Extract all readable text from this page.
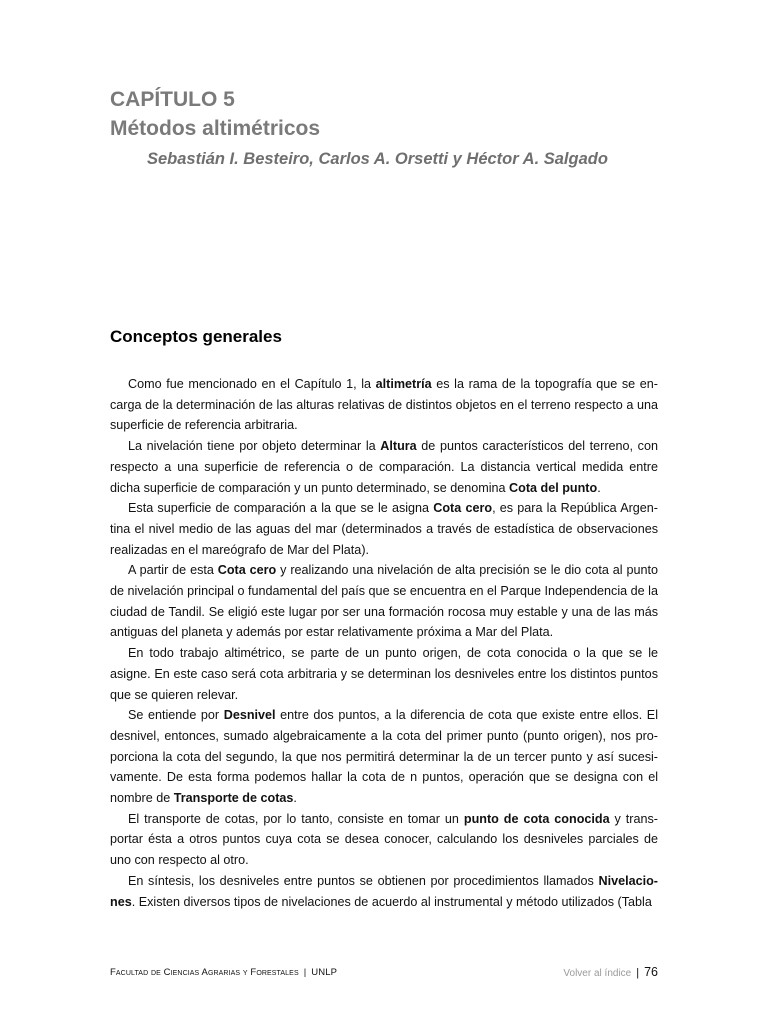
CAPÍTULO 5
Métodos altimétricos
Sebastián I. Besteiro, Carlos A. Orsetti y Héctor A. Salgado
Conceptos generales

Como fue mencionado en el Capítulo 1, la altimetría es la rama de la topografía que se en-carga de la determinación de las alturas relativas de distintos objetos en el terreno respecto a una superficie de referencia arbitraria.

La nivelación tiene por objeto determinar la Altura de puntos característicos del terreno, con respecto a una superficie de referencia o de comparación. La distancia vertical medida entre dicha superficie de comparación y un punto determinado, se denomina Cota del punto.

Esta superficie de comparación a la que se le asigna Cota cero, es para la República Argen-tina el nivel medio de las aguas del mar (determinados a través de estadística de observaciones realizadas en el mareógrafo de Mar del Plata).

A partir de esta Cota cero y realizando una nivelación de alta precisión se le dio cota al punto de nivelación principal o fundamental del país que se encuentra en el Parque Independencia de la ciudad de Tandil. Se eligió este lugar por ser una formación rocosa muy estable y una de las más antiguas del planeta y además por estar relativamente próxima a Mar del Plata.

En todo trabajo altimétrico, se parte de un punto origen, de cota conocida o la que se le asigne. En este caso será cota arbitraria y se determinan los desniveles entre los distintos puntos que se quieren relevar.

Se entiende por Desnivel entre dos puntos, a la diferencia de cota que existe entre ellos. El desnivel, entonces, sumado algebraicamente a la cota del primer punto (punto origen), nos pro-porciona la cota del segundo, la que nos permitirá determinar la de un tercer punto y así sucesi-vamente. De esta forma podemos hallar la cota de n puntos, operación que se designa con el nombre de Transporte de cotas.

El transporte de cotas, por lo tanto, consiste en tomar un punto de cota conocida y trans-portar ésta a otros puntos cuya cota se desea conocer, calculando los desniveles parciales de uno con respecto al otro.

En síntesis, los desniveles entre puntos se obtienen por procedimientos llamados Nivelacio-nes. Existen diversos tipos de nivelaciones de acuerdo al instrumental y método utilizados (Tabla

Facultad de Ciencias Agrarias y Forestales | UNLP	Volver al índice | 76
